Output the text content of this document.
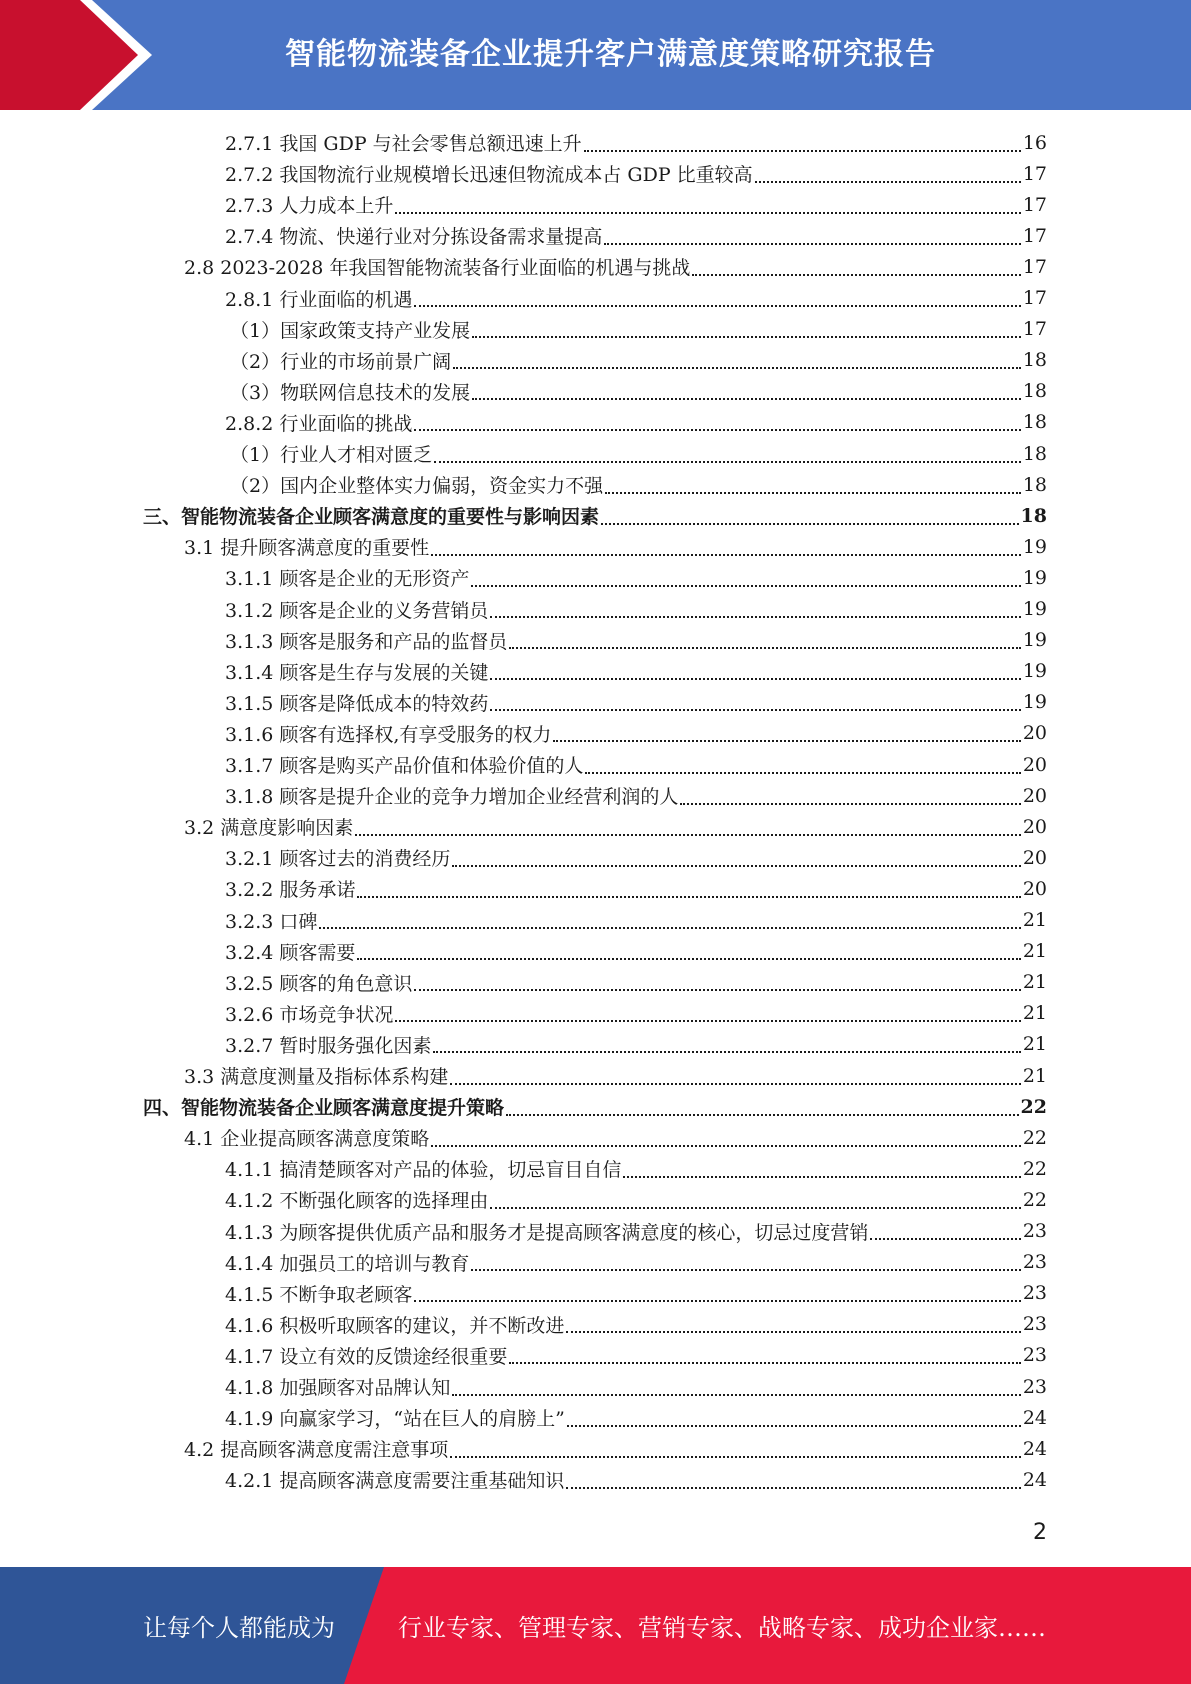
智能物流装备企业提升客户满意度策略研究报告
2.7.1 我国 GDP 与社会零售总额迅速上升	16
2.7.2 我国物流行业规模增长迅速但物流成本占 GDP 比重较高	17
2.7.3 人力成本上升	17
2.7.4 物流、快递行业对分拣设备需求量提高	17
2.8 2023-2028 年我国智能物流装备行业面临的机遇与挑战	17
2.8.1 行业面临的机遇	17
（1）国家政策支持产业发展	17
（2）行业的市场前景广阔	18
（3）物联网信息技术的发展	18
2.8.2 行业面临的挑战	18
（1）行业人才相对匮乏	18
（2）国内企业整体实力偏弱，资金实力不强	18
三、智能物流装备企业顾客满意度的重要性与影响因素	18
3.1 提升顾客满意度的重要性	19
3.1.1 顾客是企业的无形资产	19
3.1.2 顾客是企业的义务营销员	19
3.1.3 顾客是服务和产品的监督员	19
3.1.4 顾客是生存与发展的关键	19
3.1.5 顾客是降低成本的特效药	19
3.1.6 顾客有选择权,有享受服务的权力	20
3.1.7 顾客是购买产品价值和体验价值的人	20
3.1.8 顾客是提升企业的竞争力增加企业经营利润的人	20
3.2 满意度影响因素	20
3.2.1 顾客过去的消费经历	20
3.2.2 服务承诺	20
3.2.3 口碑	21
3.2.4 顾客需要	21
3.2.5 顾客的角色意识	21
3.2.6 市场竞争状况	21
3.2.7 暂时服务强化因素	21
3.3 满意度测量及指标体系构建	21
四、智能物流装备企业顾客满意度提升策略	22
4.1 企业提高顾客满意度策略	22
4.1.1 搞清楚顾客对产品的体验，切忌盲目自信	22
4.1.2 不断强化顾客的选择理由	22
4.1.3 为顾客提供优质产品和服务才是提高顾客满意度的核心，切忌过度营销	23
4.1.4 加强员工的培训与教育	23
4.1.5 不断争取老顾客	23
4.1.6 积极听取顾客的建议，并不断改进	23
4.1.7 设立有效的反馈途经很重要	23
4.1.8 加强顾客对品牌认知	23
4.1.9 向赢家学习，“站在巨人的肩膀上”	24
4.2 提高顾客满意度需注意事项	24
4.2.1 提高顾客满意度需要注重基础知识	24
2
让每个人都能成为	行业专家、管理专家、营销专家、战略专家、成功企业家……
